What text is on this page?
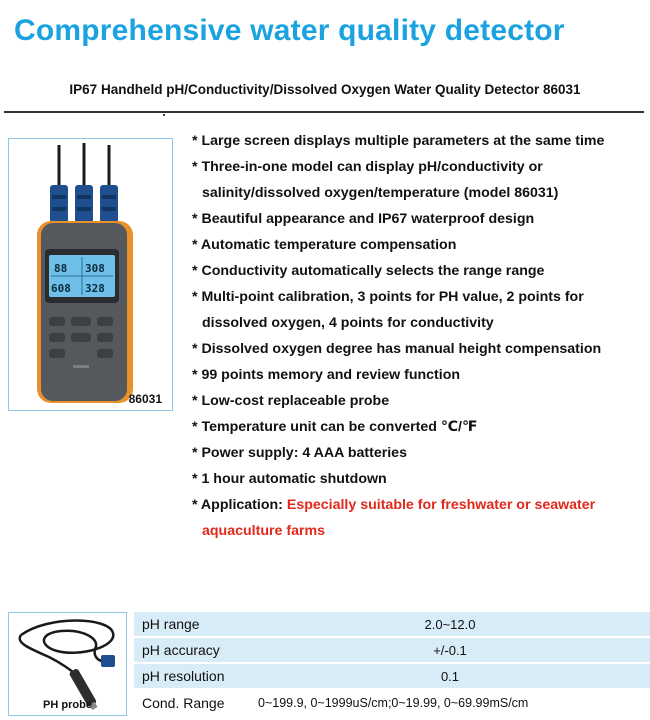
Comprehensive water quality detector
IP67 Handheld pH/Conductivity/Dissolved Oxygen Water Quality Detector 86031
88 308
608 328
86031
* Large screen displays multiple parameters at the same time
* Three-in-one model can display pH/conductivity or salinity/dissolved oxygen/temperature (model 86031)
* Beautiful appearance and IP67 waterproof design
* Automatic temperature compensation
* Conductivity automatically selects the range range
* Multi-point calibration, 3 points for PH value, 2 points for dissolved oxygen, 4 points for conductivity
* Dissolved oxygen degree has manual height compensation
* 99 points memory and review function
* Low-cost replaceable probe
* Temperature unit can be converted ℃/℉
* Power supply: 4 AAA batteries
* 1 hour automatic shutdown
* Application: Especially suitable for freshwater or seawater aquaculture farms
PH probe
pH range	2.0~12.0
pH accuracy	+/-0.1
pH resolution	0.1
Cond. Range	0~199.9, 0~1999uS/cm;0~19.99, 0~69.99mS/cm
